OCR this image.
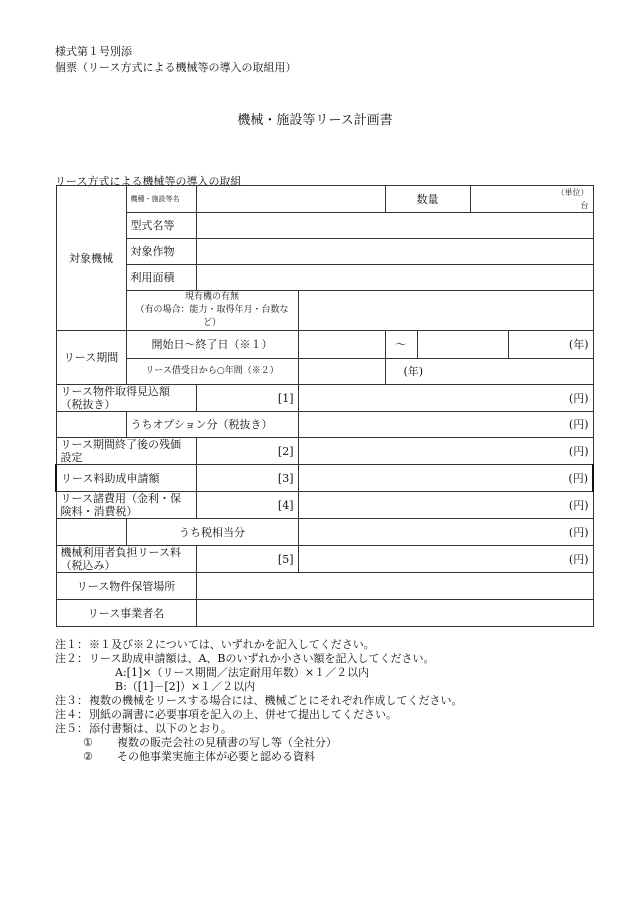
様式第１号別添
個票（リース方式による機械等の導入の取組用）
機械・施設等リース計画書
リース方式による機械等の導入の取組
対象機械	機種・施設等名			数量		（単位）
台	

	型式名等						
	対象作物						
	利用面積						
	現有機の有無
（有の場合：能力・取得年月・台数など）						
リース期間	開始日～終了日（※１）			～			(年)
	リース借受日から○年間（※２）			(年)			
リース物件取得見込額（税抜き）		[1]	(円)				
	うちオプション分（税抜き）		(円)				
リース期間終了後の残価設定		[2]	(円)				
リース料助成申請額		[3]	(円)				
リース諸費用（金利・保険料・消費税）		[4]	(円)				
	うち税相当分		(円)				
機械利用者負担リース料（税込み）		[5]	(円)				
リース物件保管場所							
リース事業者名							
注１：※１及び※２については、いずれかを記入してください。
注２：リース助成申請額は、A、Bのいずれか小さい額を記入してください。
A:[1]×（リース期間／法定耐用年数）×１／２以内
B:（[1]－[2]）×１／２以内
注３：複数の機械をリースする場合には、機械ごとにそれぞれ作成してください。
注４：別紙の調書に必要事項を記入の上、併せて提出してください。
注５：添付書類は、以下のとおり。
① 複数の販売会社の見積書の写し等（全社分）
② その他事業実施主体が必要と認める資料
